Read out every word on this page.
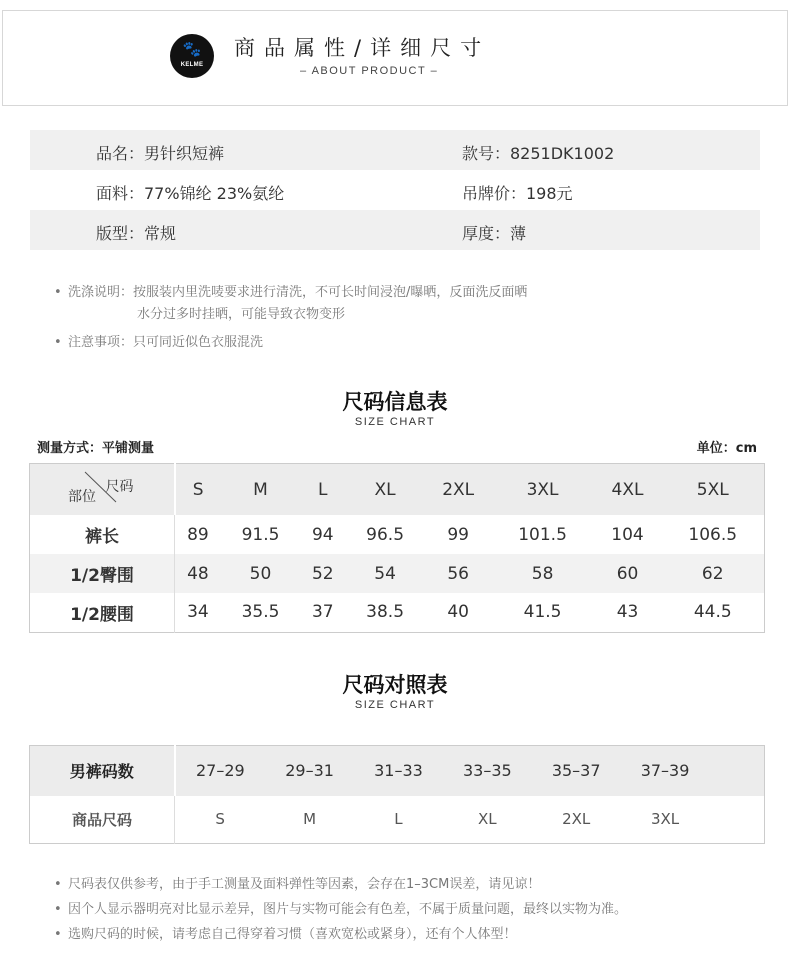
🐾
KELME
商品属性/详细尺寸
– ABOUT PRODUCT –
品名：男针织短裤	款号：8251DK1002
面料：77%锦纶 23%氨纶	吊牌价：198元
版型：常规	厚度：薄
• 洗涤说明：按服装内里洗唛要求进行清洗，不可长时间浸泡/曝晒，反面洗反面晒
水分过多时挂晒，可能导致衣物变形
• 注意事项：只可同近似色衣服混洗
尺码信息表
SIZE CHART
测量方式：平铺测量	单位：cm
尺码
部位	S	M	L	XL	2XL	3XL	4XL	5XL
裤长	89	91.5	94	96.5	99	101.5	104	106.5
1/2臀围	48	50	52	54	56	58	60	62
1/2腰围	34	35.5	37	38.5	40	41.5	43	44.5
尺码对照表
SIZE CHART
男裤码数	27–29	29–31	31–33	33–35	35–37	37–39	
商品尺码	S	M	L	XL	2XL	3XL	
• 尺码表仅供参考，由于手工测量及面料弹性等因素，会存在1–3CM误差，请见谅！
• 因个人显示器明亮对比显示差异，图片与实物可能会有色差，不属于质量问题，最终以实物为准。
• 选购尺码的时候，请考虑自己得穿着习惯（喜欢宽松或紧身），还有个人体型！
